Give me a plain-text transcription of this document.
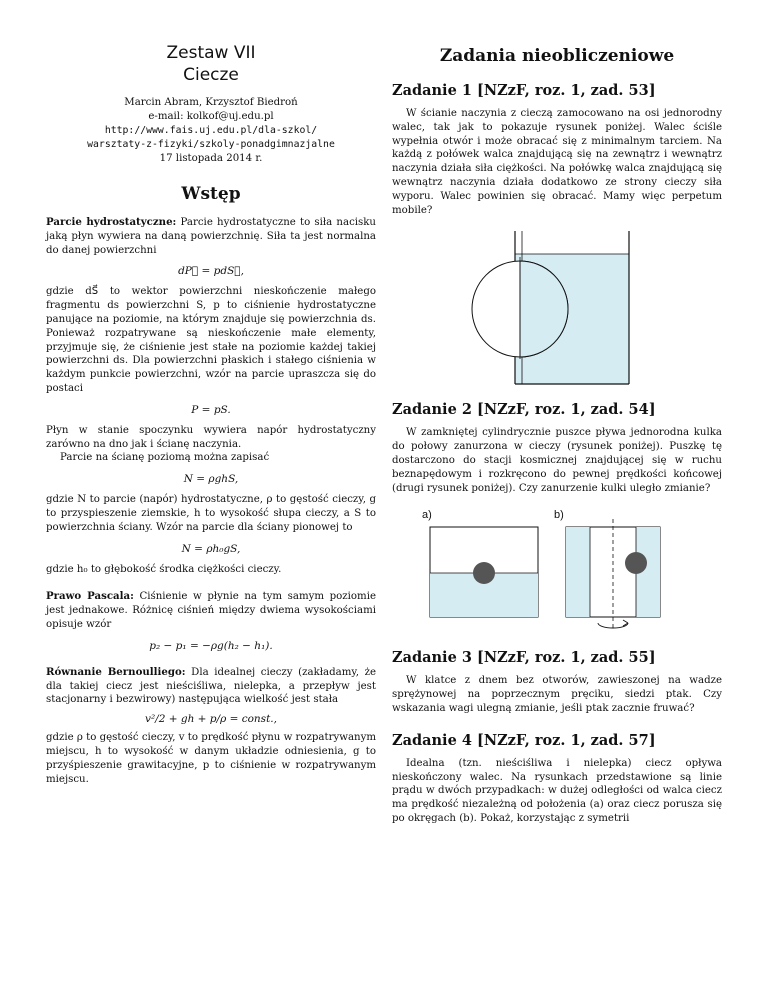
Zestaw VII
Ciecze
Marcin Abram, Krzysztof Biedroń
e-mail: kolkof@uj.edu.pl
http://www.fais.uj.edu.pl/dla-szkol/
warsztaty-z-fizyki/szkoly-ponadgimnazjalne
17 listopada 2014 r.
Wstęp

Parcie hydrostatyczne: Parcie hydrostatyczne to siła nacisku jaką płyn wywiera na daną powierzchnię. Siła ta jest normalna do danej powierzchni

dP⃗ = pdS⃗,

gdzie dS⃗ to wektor powierzchni nieskończenie małego fragmentu ds powierzchni S, p to ciśnienie hydrostatyczne panujące na poziomie, na którym znajduje się powierzchnia ds. Ponieważ rozpatrywane są nieskończenie małe elementy, przyjmuje się, że ciśnienie jest stałe na poziomie każdej takiej powierzchni ds. Dla powierzchni płaskich i stałego ciśnienia w każdym punkcie powierzchni, wzór na parcie upraszcza się do postaci

P = pS.

Płyn w stanie spoczynku wywiera napór hydrostatyczny zarówno na dno jak i ścianę naczynia.

Parcie na ścianę poziomą można zapisać

N = ρghS,

gdzie N to parcie (napór) hydrostatyczne, ρ to gęstość cieczy, g to przyspieszenie ziemskie, h to wysokość słupa cieczy, a S to powierzchnia ściany. Wzór na parcie dla ściany pionowej to

N = ρh₀gS,

gdzie h₀ to głębokość środka ciężkości cieczy.

Prawo Pascala: Ciśnienie w płynie na tym samym poziomie jest jednakowe. Różnicę ciśnień między dwiema wysokościami opisuje wzór

p₂ − p₁ = −ρg(h₂ − h₁).

Równanie Bernoulliego: Dla idealnej cieczy (zakładamy, że dla takiej ciecz jest nieściśliwa, nielepka, a przepływ jest stacjonarny i bezwirowy) następująca wielkość jest stała

v²/2 + gh + p/ρ = const.,

gdzie ρ to gęstość cieczy, v to prędkość płynu w rozpatrywanym miejscu, h to wysokość w danym układzie odniesienia, g to przyśpieszenie grawitacyjne, p to ciśnienie w rozpatrywanym miejscu.

Zadania nieobliczeniowe
Zadanie 1 [NZzF, roz. 1, zad. 53]

W ścianie naczynia z cieczą zamocowano na osi jednorodny walec, tak jak to pokazuje rysunek poniżej. Walec ściśle wypełnia otwór i może obracać się z minimalnym tarciem. Na każdą z połówek walca znajdującą się na zewnątrz i wewnątrz naczynia działa siła ciężkości. Na połówkę walca znajdującą się wewnątrz naczynia działa dodatkowo ze strony cieczy siła wyporu. Walec powinien się obracać. Mamy więc perpetum mobile?

Zadanie 2 [NZzF, roz. 1, zad. 54]

W zamkniętej cylindrycznie puszce pływa jednorodna kulka do połowy zanurzona w cieczy (rysunek poniżej). Puszkę tę dostarczono do stacji kosmicznej znajdującej się w ruchu beznapędowym i rozkręcono do pewnej prędkości końcowej (drugi rysunek poniżej). Czy zanurzenie kulki uległo zmianie?

a)	b)
Zadanie 3 [NZzF, roz. 1, zad. 55]

W klatce z dnem bez otworów, zawieszonej na wadze sprężynowej na poprzecznym pręciku, siedzi ptak. Czy wskazania wagi ulegną zmianie, jeśli ptak zacznie fruwać?

Zadanie 4 [NZzF, roz. 1, zad. 57]

Idealna (tzn. nieściśliwa i nielepka) ciecz opływa nieskończony walec. Na rysunkach przedstawione są linie prądu w dwóch przypadkach: w dużej odległości od walca ciecz ma prędkość niezależną od położenia (a) oraz ciecz porusza się po okręgach (b). Pokaż, korzystając z symetrii
